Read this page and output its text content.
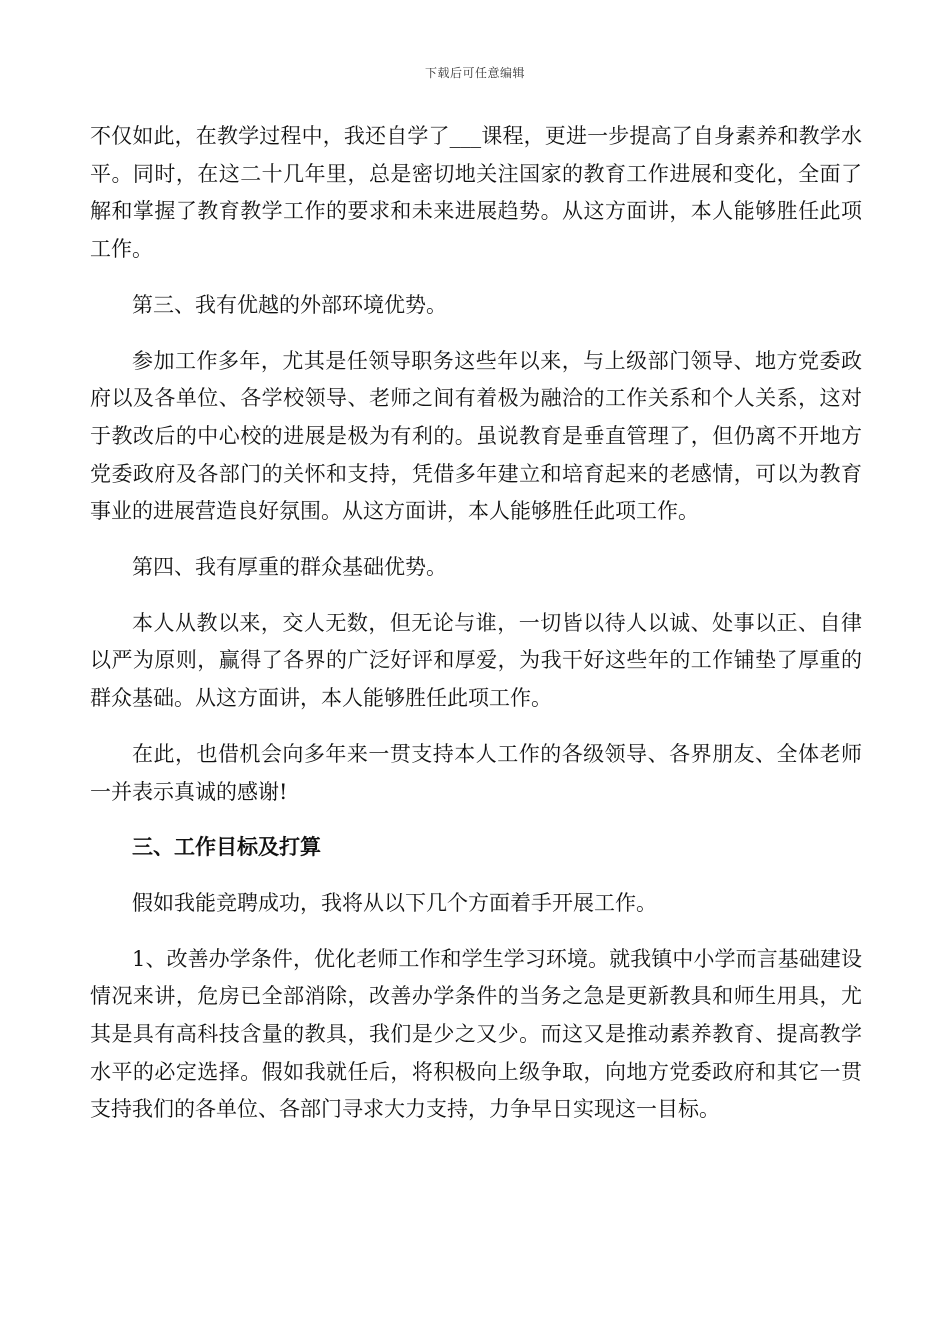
下载后可任意编辑

不仅如此，在教学过程中，我还自学了___课程，更进一步提高了自身素养和教学水平。同时，在这二十几年里，总是密切地关注国家的教育工作进展和变化，全面了解和掌握了教育教学工作的要求和未来进展趋势。从这方面讲，本人能够胜任此项工作。

第三、我有优越的外部环境优势。

参加工作多年，尤其是任领导职务这些年以来，与上级部门领导、地方党委政府以及各单位、各学校领导、老师之间有着极为融洽的工作关系和个人关系，这对于教改后的中心校的进展是极为有利的。虽说教育是垂直管理了，但仍离不开地方党委政府及各部门的关怀和支持，凭借多年建立和培育起来的老感情，可以为教育事业的进展营造良好氛围。从这方面讲，本人能够胜任此项工作。

第四、我有厚重的群众基础优势。

本人从教以来，交人无数，但无论与谁，一切皆以待人以诚、处事以正、自律以严为原则，赢得了各界的广泛好评和厚爱，为我干好这些年的工作铺垫了厚重的群众基础。从这方面讲，本人能够胜任此项工作。

在此，也借机会向多年来一贯支持本人工作的各级领导、各界朋友、全体老师一并表示真诚的感谢!

三、工作目标及打算

假如我能竞聘成功，我将从以下几个方面着手开展工作。

1、改善办学条件，优化老师工作和学生学习环境。就我镇中小学而言基础建设情况来讲，危房已全部消除，改善办学条件的当务之急是更新教具和师生用具，尤其是具有高科技含量的教具，我们是少之又少。而这又是推动素养教育、提高教学水平的必定选择。假如我就任后，将积极向上级争取，向地方党委政府和其它一贯支持我们的各单位、各部门寻求大力支持，力争早日实现这一目标。
